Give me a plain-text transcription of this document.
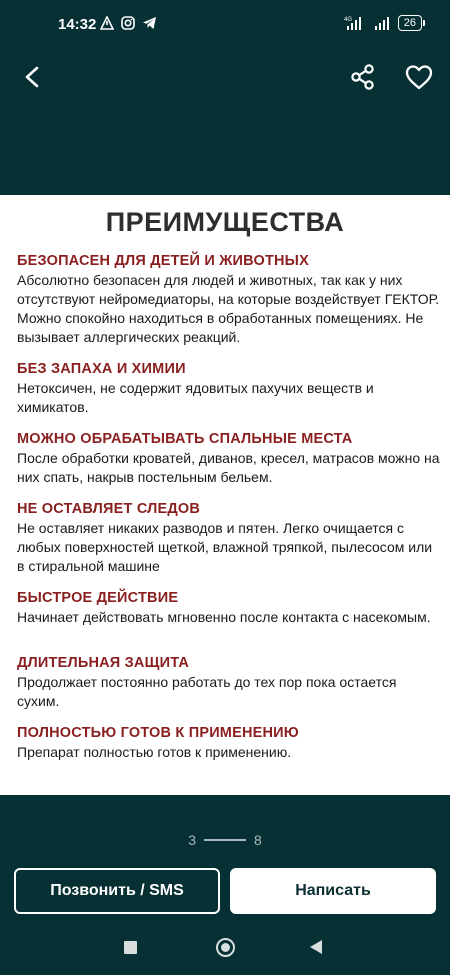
14:32	4G	26
ПРЕИМУЩЕСТВА
БЕЗОПАСЕН ДЛЯ ДЕТЕЙ И ЖИВОТНЫХ
Абсолютно безопасен для людей и животных, так как у них отсутствуют нейромедиаторы, на которые воздействует ГЕКТОР. Можно спокойно находиться в обработанных помещениях. Не вызывает аллергических реакций.
БЕЗ ЗАПАХА И ХИМИИ
Нетоксичен, не содержит ядовитых пахучих веществ и химикатов.
МОЖНО ОБРАБАТЫВАТЬ СПАЛЬНЫЕ МЕСТА
После обработки кроватей, диванов, кресел, матрасов можно на них спать, накрыв постельным бельем.
НЕ ОСТАВЛЯЕТ СЛЕДОВ
Не оставляет никаких разводов и пятен. Легко очищается с любых поверхностей щеткой, влажной тряпкой, пылесосом или в стиральной машине
БЫСТРОЕ ДЕЙСТВИЕ
Начинает действовать мгновенно после контакта с насекомым.
ДЛИТЕЛЬНАЯ ЗАЩИТА
Продолжает постоянно работать до тех пор пока остается сухим.
ПОЛНОСТЬЮ ГОТОВ К ПРИМЕНЕНИЮ
Препарат полностью готов к применению.
3	8
Позвонить / SMS	Написать
